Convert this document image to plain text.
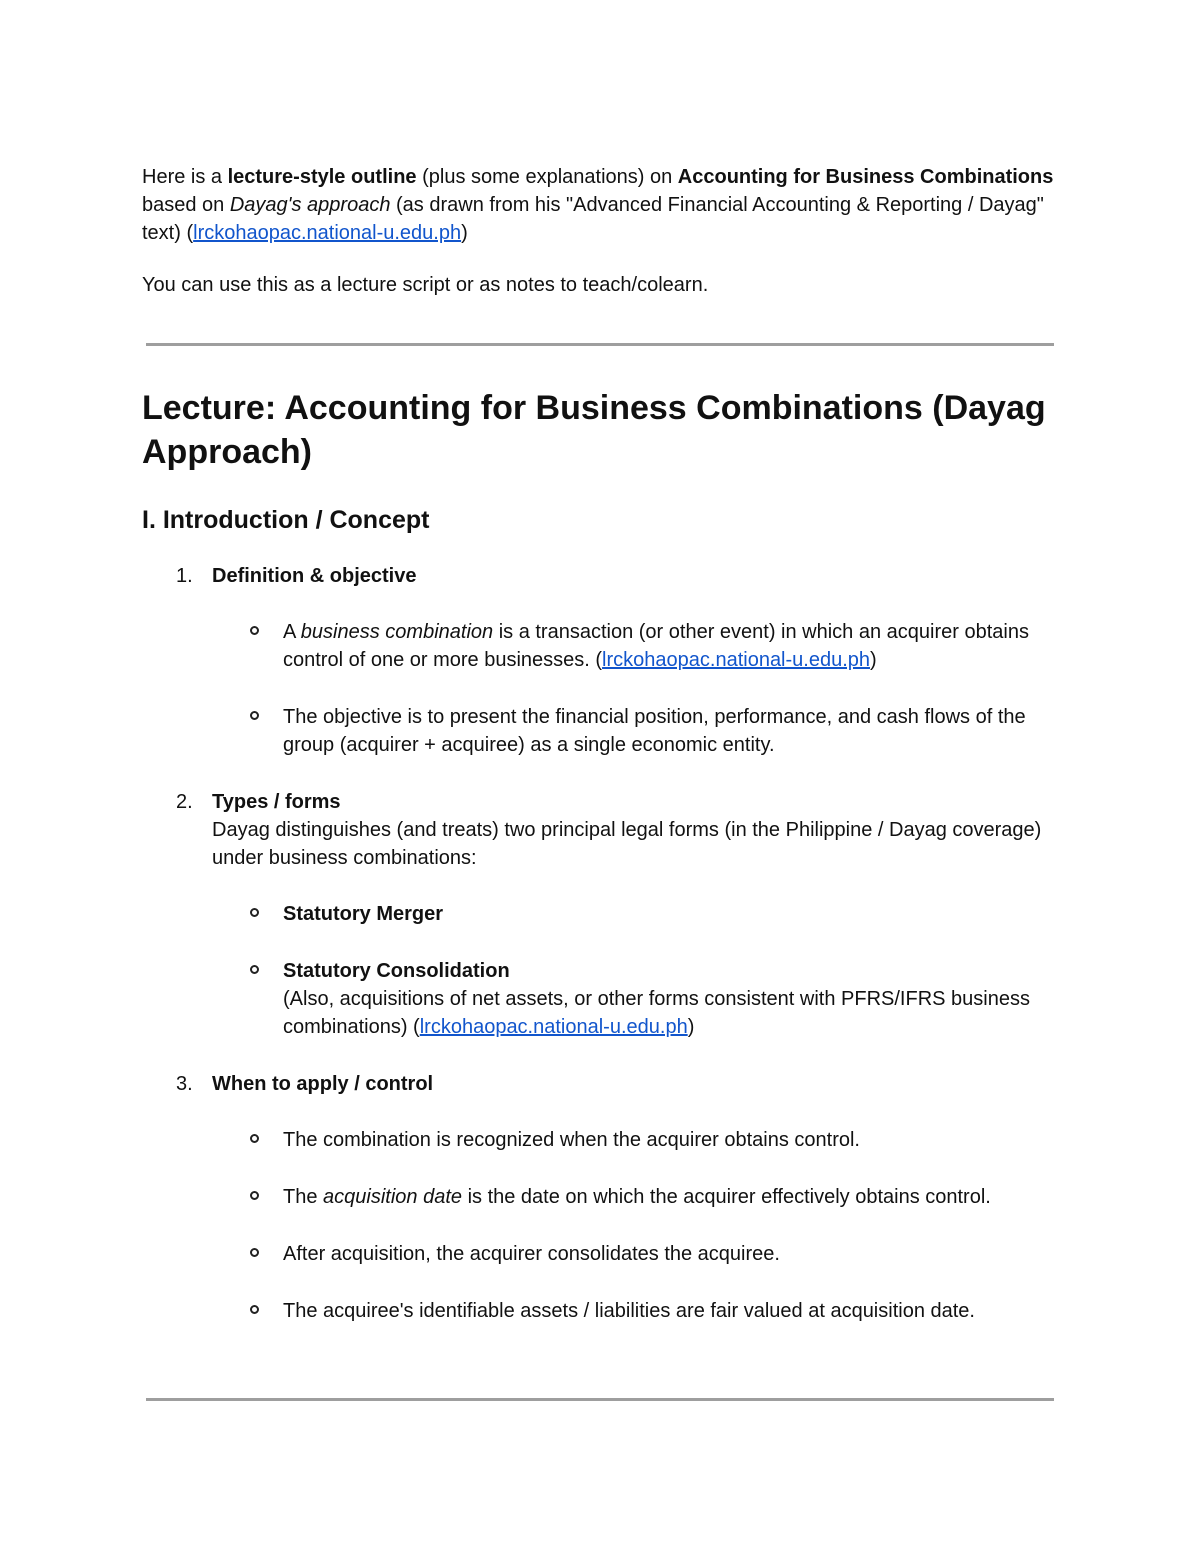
Here is a lecture-style outline (plus some explanations) on Accounting for Business Combinations based on Dayag's approach (as drawn from his "Advanced Financial Accounting & Reporting / Dayag" text) (lrckohaopac.national-u.edu.ph)

You can use this as a lecture script or as notes to teach/colearn.

Lecture: Accounting for Business Combinations (Dayag Approach)
I. Introduction / Concept
1. Definition & objective
A business combination is a transaction (or other event) in which an acquirer obtains control of one or more businesses. (lrckohaopac.national-u.edu.ph)
The objective is to present the financial position, performance, and cash flows of the group (acquirer + acquiree) as a single economic entity.
2. Types / forms
Dayag distinguishes (and treats) two principal legal forms (in the Philippine / Dayag coverage) under business combinations:
Statutory Merger
Statutory Consolidation
(Also, acquisitions of net assets, or other forms consistent with PFRS/IFRS business combinations) (lrckohaopac.national-u.edu.ph)
3. When to apply / control
The combination is recognized when the acquirer obtains control.
The acquisition date is the date on which the acquirer effectively obtains control.
After acquisition, the acquirer consolidates the acquiree.
The acquiree's identifiable assets / liabilities are fair valued at acquisition date.
